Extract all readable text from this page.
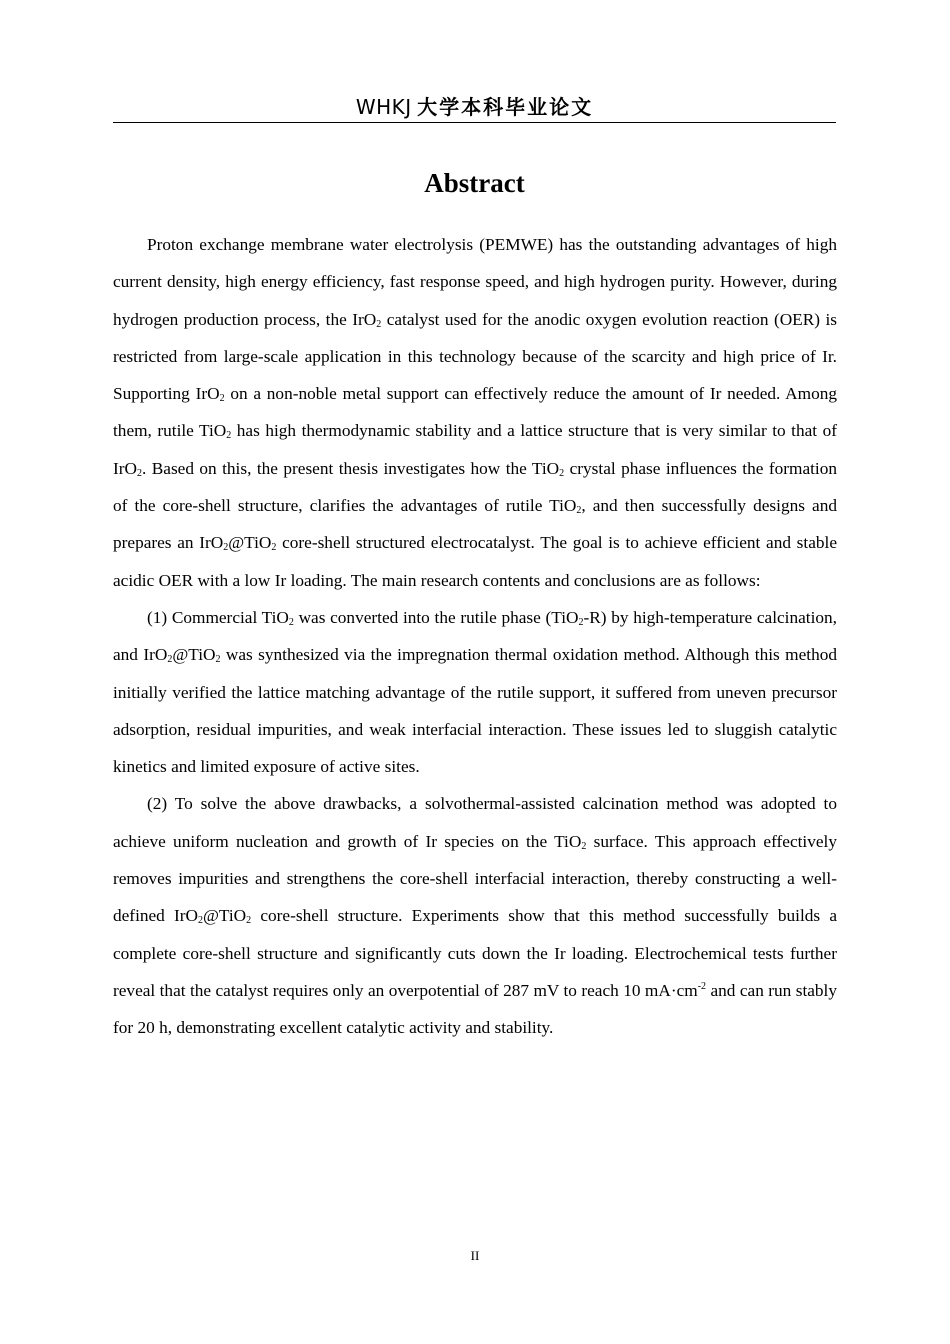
WHKJ 大学本科毕业论文
Abstract

Proton exchange membrane water electrolysis (PEMWE) has the outstanding advantages of high current density, high energy efficiency, fast response speed, and high hydrogen purity. However, during hydrogen production process, the IrO$_2$ catalyst used for the anodic oxygen evolution reaction (OER) is restricted from large-scale application in this technology because of the scarcity and high price of Ir. Supporting IrO$_2$ on a non-noble metal support can effectively reduce the amount of Ir needed. Among them, rutile TiO$_2$ has high thermodynamic stability and a lattice structure that is very similar to that of IrO$_2$. Based on this, the present thesis investigates how the TiO$_2$ crystal phase influences the formation of the core-shell structure, clarifies the advantages of rutile TiO$_2$, and then successfully designs and prepares an IrO$_2$@TiO$_2$ core-shell structured electrocatalyst. The goal is to achieve efficient and stable acidic OER with a low Ir loading. The main research contents and conclusions are as follows:

(1) Commercial TiO$_2$ was converted into the rutile phase (TiO$_2$-R) by high-temperature calcination, and IrO$_2$@TiO$_2$ was synthesized via the impregnation thermal oxidation method. Although this method initially verified the lattice matching advantage of the rutile support, it suffered from uneven precursor adsorption, residual impurities, and weak interfacial interaction. These issues led to sluggish catalytic kinetics and limited exposure of active sites.

(2) To solve the above drawbacks, a solvothermal-assisted calcination method was adopted to achieve uniform nucleation and growth of Ir species on the TiO$_2$ surface. This approach effectively removes impurities and strengthens the core-shell interfacial interaction, thereby constructing a well-defined IrO$_2$@TiO$_2$ core-shell structure. Experiments show that this method successfully builds a complete core-shell structure and significantly cuts down the Ir loading. Electrochemical tests further reveal that the catalyst requires only an overpotential of 287 mV to reach 10 $mA\cdot cm^{-2}$ and can run stably for 20 h, demonstrating excellent catalytic activity and stability.

II
